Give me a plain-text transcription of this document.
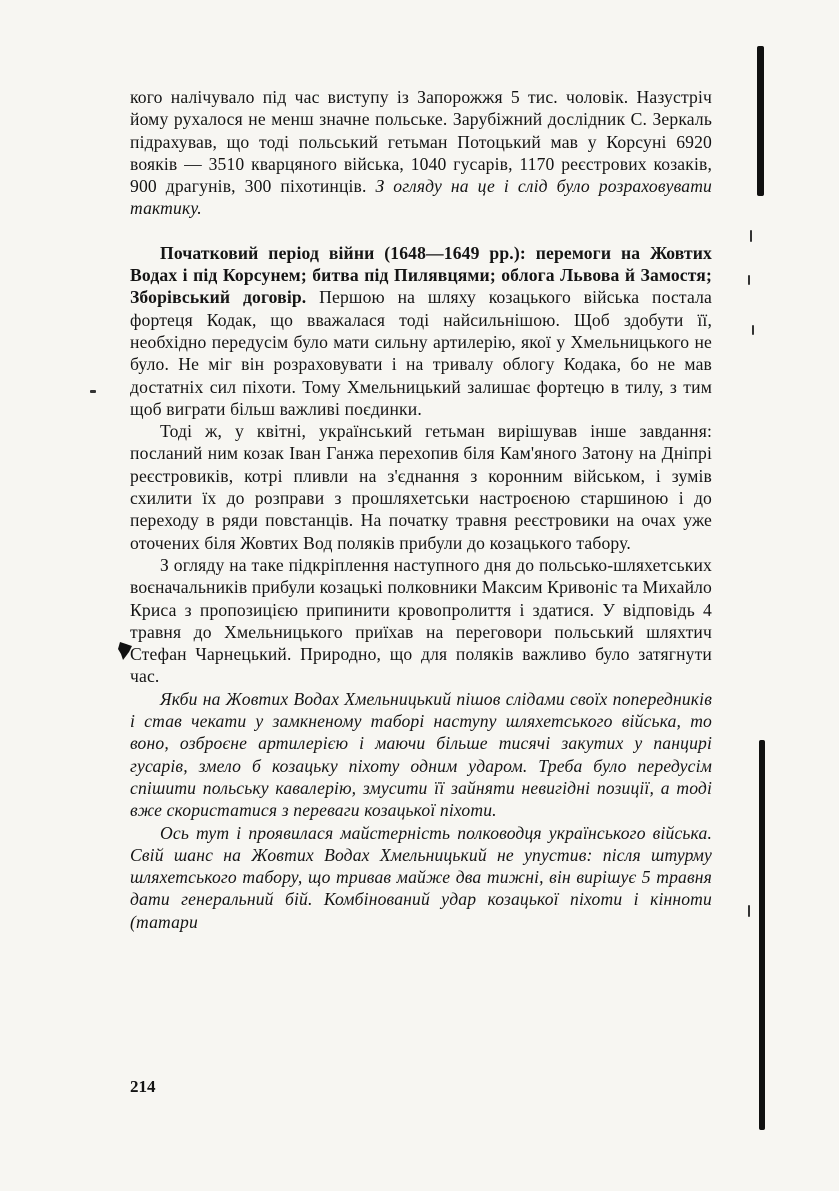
кого налічувало під час виступу із Запорожжя 5 тис. чоловік. Назустріч йому рухалося не менш значне польське. Зарубіжний дослідник С. Зеркаль підрахував, що тоді польський гетьман Потоцький мав у Корсуні 6920 вояків — 3510 кварцяного війська, 1040 гусарів, 1170 реєстрових козаків, 900 драгунів, 300 піхотинців. З огляду на це і слід було розраховувати тактику.

Початковий період війни (1648—1649 рр.): перемоги на Жовтих Водах і під Корсунем; битва під Пилявцями; облога Львова й Замостя; Зборівський договір. Першою на шляху козацького війська постала фортеця Кодак, що вважалася тоді найсильнішою. Щоб здобути її, необхідно передусім було мати сильну артилерію, якої у Хмельницького не було. Не міг він розраховувати і на тривалу облогу Кодака, бо не мав достатніх сил піхоти. Тому Хмельницький залишає фортецю в тилу, з тим щоб виграти більш важливі поєдинки.

Тоді ж, у квітні, український гетьман вирішував інше завдання: посланий ним козак Іван Ганжа перехопив біля Кам'яного Затону на Дніпрі реєстровиків, котрі пливли на з'єднання з коронним військом, і зумів схилити їх до розправи з прошляхетськи настроєною старшиною і до переходу в ряди повстанців. На початку травня реєстровики на очах уже оточених біля Жовтих Вод поляків прибули до козацького табору.

З огляду на таке підкріплення наступного дня до польсько-шляхетських воєначальників прибули козацькі полковники Максим Кривоніс та Михайло Криса з пропозицією припинити кровопролиття і здатися. У відповідь 4 травня до Хмельницького приїхав на переговори польський шляхтич Стефан Чарнецький. Природно, що для поляків важливо було затягнути час.

Якби на Жовтих Водах Хмельницький пішов слідами своїх попередників і став чекати у замкненому таборі наступу шляхетського війська, то воно, озброєне артилерією і маючи більше тисячі закутих у панцирі гусарів, змело б козацьку піхоту одним ударом. Треба було передусім спішити польську кавалерію, змусити її зайняти невигідні позиції, а тоді вже скористатися з переваги козацької піхоти.

Ось тут і проявилася майстерність полководця українського війська. Свій шанс на Жовтих Водах Хмельницький не упустив: після штурму шляхетського табору, що тривав майже два тижні, він вирішує 5 травня дати генеральний бій. Комбінований удар козацької піхоти і кінноти (татари

214
